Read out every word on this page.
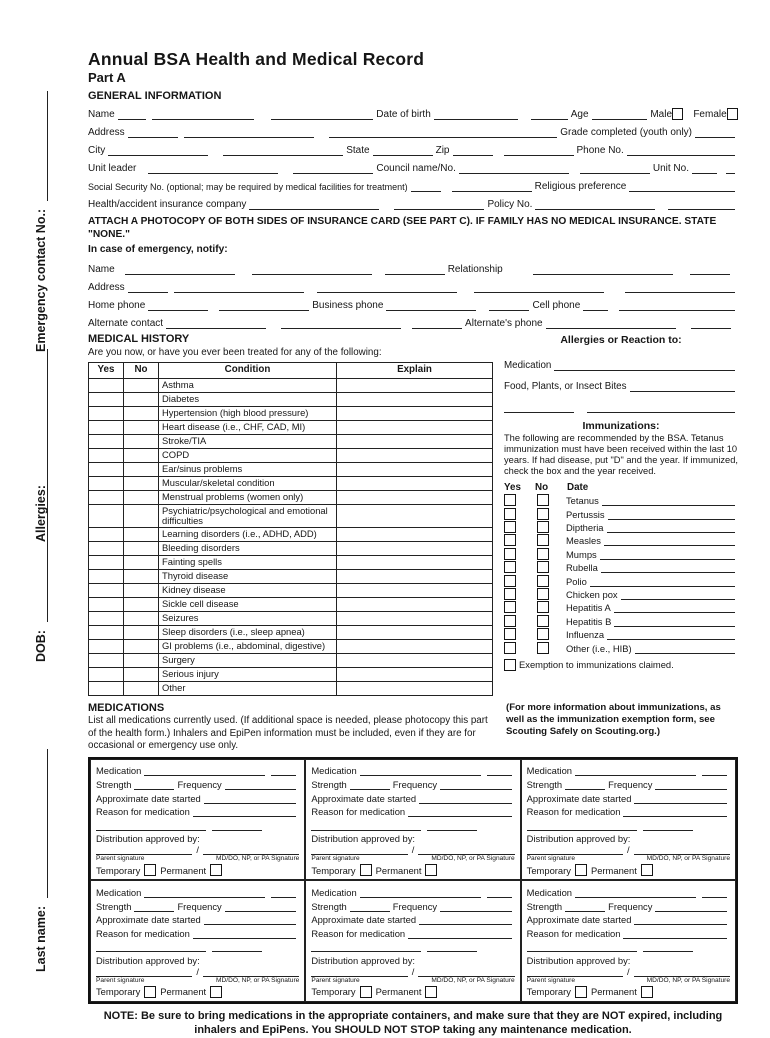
Last name:
DOB:
Allergies:
Emergency contact No.:
Annual BSA Health and Medical Record
Part A
GENERAL INFORMATION
Name	Date of birth	Age	Male Female
Address	Grade completed (youth only)
City	State	Zip	Phone No.
Unit leader	Council name/No.	Unit No.
Social Security No. (optional; may be required by medical facilities for treatment)	Religious preference
Health/accident insurance company	Policy No.
ATTACH A PHOTOCOPY OF BOTH SIDES OF INSURANCE CARD (SEE PART C). IF FAMILY HAS NO MEDICAL INSURANCE. STATE "NONE."
In case of emergency, notify:
Name	Relationship
Address
Home phone	Business phone	Cell phone
Alternate contact	Alternate's phone
MEDICAL HISTORY
Are you now, or have you ever been treated for any of the following:
Yes	No	Condition	Explain
		Asthma	
		Diabetes	
		Hypertension (high blood pressure)	
		Heart disease (i.e., CHF, CAD, MI)	
		Stroke/TIA	
		COPD	
		Ear/sinus problems	
		Muscular/skeletal condition	
		Menstrual problems (women only)	
		Psychiatric/psychological and emotional difficulties	
		Learning disorders (i.e., ADHD, ADD)	
		Bleeding disorders	
		Fainting spells	
		Thyroid disease	
		Kidney disease	
		Sickle cell disease	
		Seizures	
		Sleep disorders (i.e., sleep apnea)	
		GI problems (i.e., abdominal, digestive)	
		Surgery	
		Serious injury	
		Other	
Allergies or Reaction to:
Medication
Food, Plants, or Insect Bites
Immunizations:
The following are recommended by the BSA. Tetanus immunization must have been received within the last 10 years. If had disease, put "D" and the year. If immunized, check the box and the year received.
Yes	No	Date
Tetanus
Pertussis
Diptheria
Measles
Mumps
Rubella
Polio
Chicken pox
Hepatitis A
Hepatitis B
Influenza
Other (i.e., HIB)
Exemption to immunizations claimed.
MEDICATIONS
List all medications currently used. (If additional space is needed, please photocopy this part of the health form.) Inhalers and EpiPen information must be included, even if they are for occasional or emergency use only.
(For more information about immunizations, as well as the immunization exemption form, see Scouting Safely on Scouting.org.)
Medication
Strength	Frequency
Approximate date started
Reason for medication
Distribution approved by:
/
Parent signature	MD/DO, NP, or PA Signature
Temporary Permanent
Medication
Strength	Frequency
Approximate date started
Reason for medication
Distribution approved by:
/
Parent signature	MD/DO, NP, or PA Signature
Temporary Permanent
Medication
Strength	Frequency
Approximate date started
Reason for medication
Distribution approved by:
/
Parent signature	MD/DO, NP, or PA Signature
Temporary Permanent
Medication
Strength	Frequency
Approximate date started
Reason for medication
Distribution approved by:
/
Parent signature	MD/DO, NP, or PA Signature
Temporary Permanent
Medication
Strength	Frequency
Approximate date started
Reason for medication
Distribution approved by:
/
Parent signature	MD/DO, NP, or PA Signature
Temporary Permanent
Medication
Strength	Frequency
Approximate date started
Reason for medication
Distribution approved by:
/
Parent signature	MD/DO, NP, or PA Signature
Temporary Permanent
NOTE: Be sure to bring medications in the appropriate containers, and make sure that they are NOT expired, including inhalers and EpiPens. You SHOULD NOT STOP taking any maintenance medication.
